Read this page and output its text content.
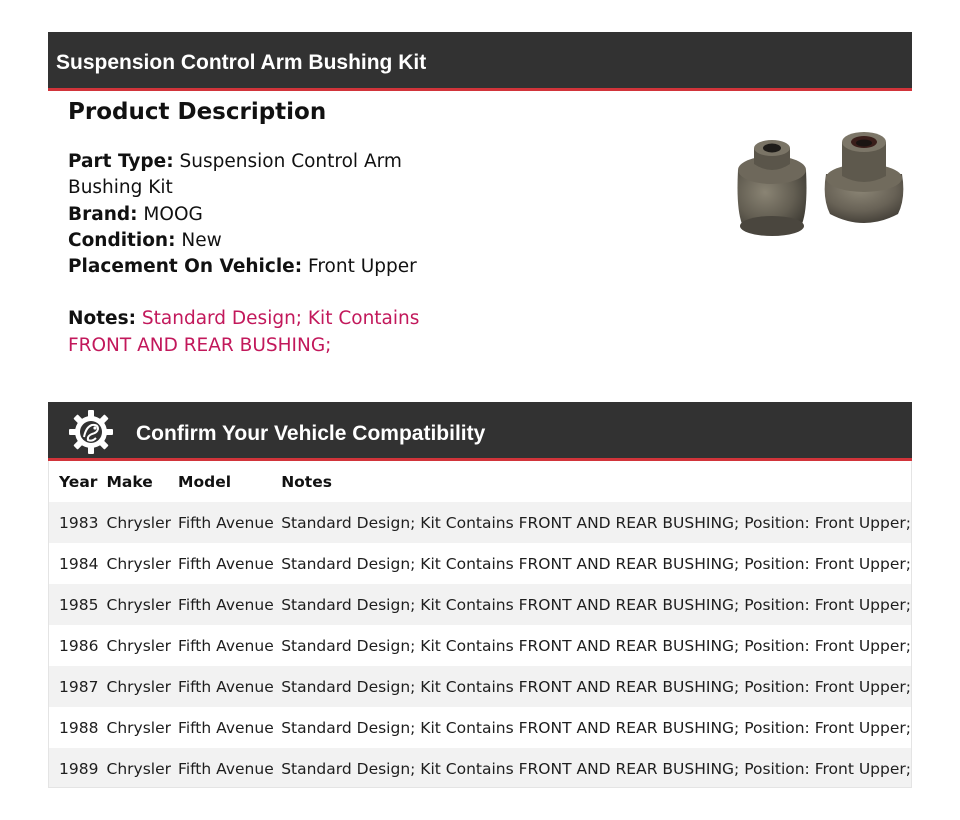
Suspension Control Arm Bushing Kit
Product Description
Part Type: Suspension Control Arm Bushing Kit
Brand: MOOG
Condition: New
Placement On Vehicle: Front Upper
Notes: Standard Design; Kit Contains FRONT AND REAR BUSHING;
Confirm Your Vehicle Compatibility
Year	Make	Model	Notes
1983	Chrysler	Fifth Avenue	Standard Design; Kit Contains FRONT AND REAR BUSHING; Position: Front Upper;
1984	Chrysler	Fifth Avenue	Standard Design; Kit Contains FRONT AND REAR BUSHING; Position: Front Upper;
1985	Chrysler	Fifth Avenue	Standard Design; Kit Contains FRONT AND REAR BUSHING; Position: Front Upper;
1986	Chrysler	Fifth Avenue	Standard Design; Kit Contains FRONT AND REAR BUSHING; Position: Front Upper;
1987	Chrysler	Fifth Avenue	Standard Design; Kit Contains FRONT AND REAR BUSHING; Position: Front Upper;
1988	Chrysler	Fifth Avenue	Standard Design; Kit Contains FRONT AND REAR BUSHING; Position: Front Upper;
1989	Chrysler	Fifth Avenue	Standard Design; Kit Contains FRONT AND REAR BUSHING; Position: Front Upper;
